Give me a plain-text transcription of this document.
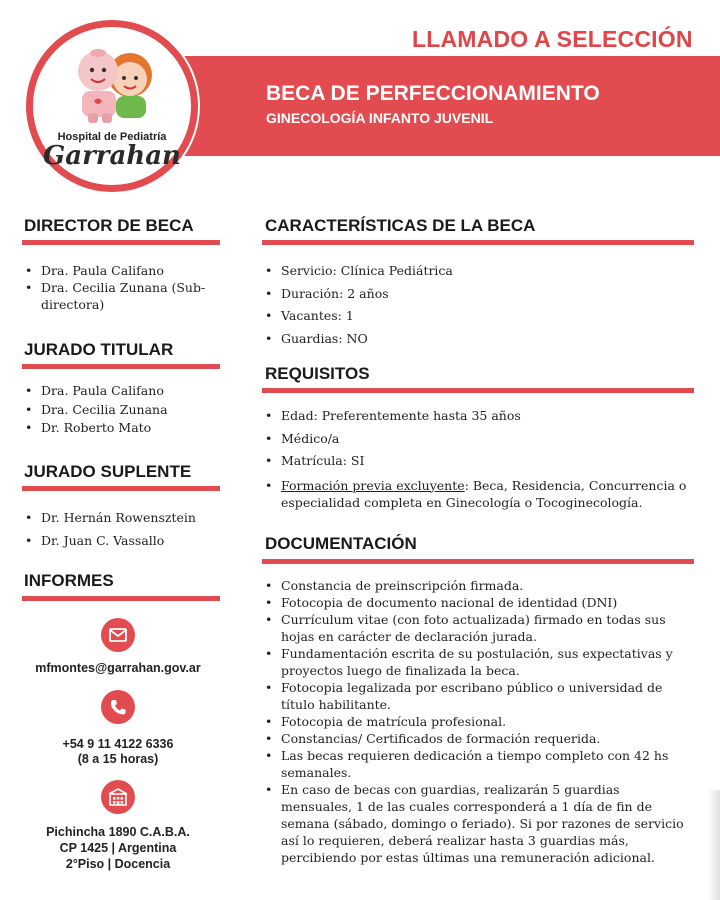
LLAMADO A SELECCIÓN
BECA DE PERFECCIONAMIENTO
GINECOLOGÍA INFANTO JUVENIL
Hospital de Pediatría
Garrahan
DIRECTOR DE BECA
• Dra. Paula Califano
• Dra. Cecilia Zunana (Sub-directora)
JURADO TITULAR
• Dra. Paula Califano
• Dra. Cecilia Zunana
• Dr. Roberto Mato
JURADO SUPLENTE
• Dr. Hernán Rowensztein
• Dr. Juan C. Vassallo
INFORMES
mfmontes@garrahan.gov.ar
+54 9 11 4122 6336
(8 a 15 horas)
Pichincha 1890 C.A.B.A.
CP 1425 | Argentina
2°Piso | Docencia
CARACTERÍSTICAS DE LA BECA
• Servicio: Clínica Pediátrica
• Duración: 2 años
• Vacantes: 1
• Guardias: NO
REQUISITOS
• Edad: Preferentemente hasta 35 años
• Médico/a
• Matrícula: SI
• Formación previa excluyente: Beca, Residencia, Concurrencia o especialidad completa en Ginecología o Tocoginecología.
DOCUMENTACIÓN
• Constancia de preinscripción firmada.
• Fotocopia de documento nacional de identidad (DNI)
• Currículum vitae (con foto actualizada) firmado en todas sus hojas en carácter de declaración jurada.
• Fundamentación escrita de su postulación, sus expectativas y proyectos luego de finalizada la beca.
• Fotocopia legalizada por escribano público o universidad de título habilitante.
• Fotocopia de matrícula profesional.
• Constancias/ Certificados de formación requerida.
• Las becas requieren dedicación a tiempo completo con 42 hs semanales.
• En caso de becas con guardias, realizarán 5 guardias mensuales, 1 de las cuales corresponderá a 1 día de fin de semana (sábado, domingo o feriado). Si por razones de servicio así lo requieren, deberá realizar hasta 3 guardias más, percibiendo por estas últimas una remuneración adicional.
